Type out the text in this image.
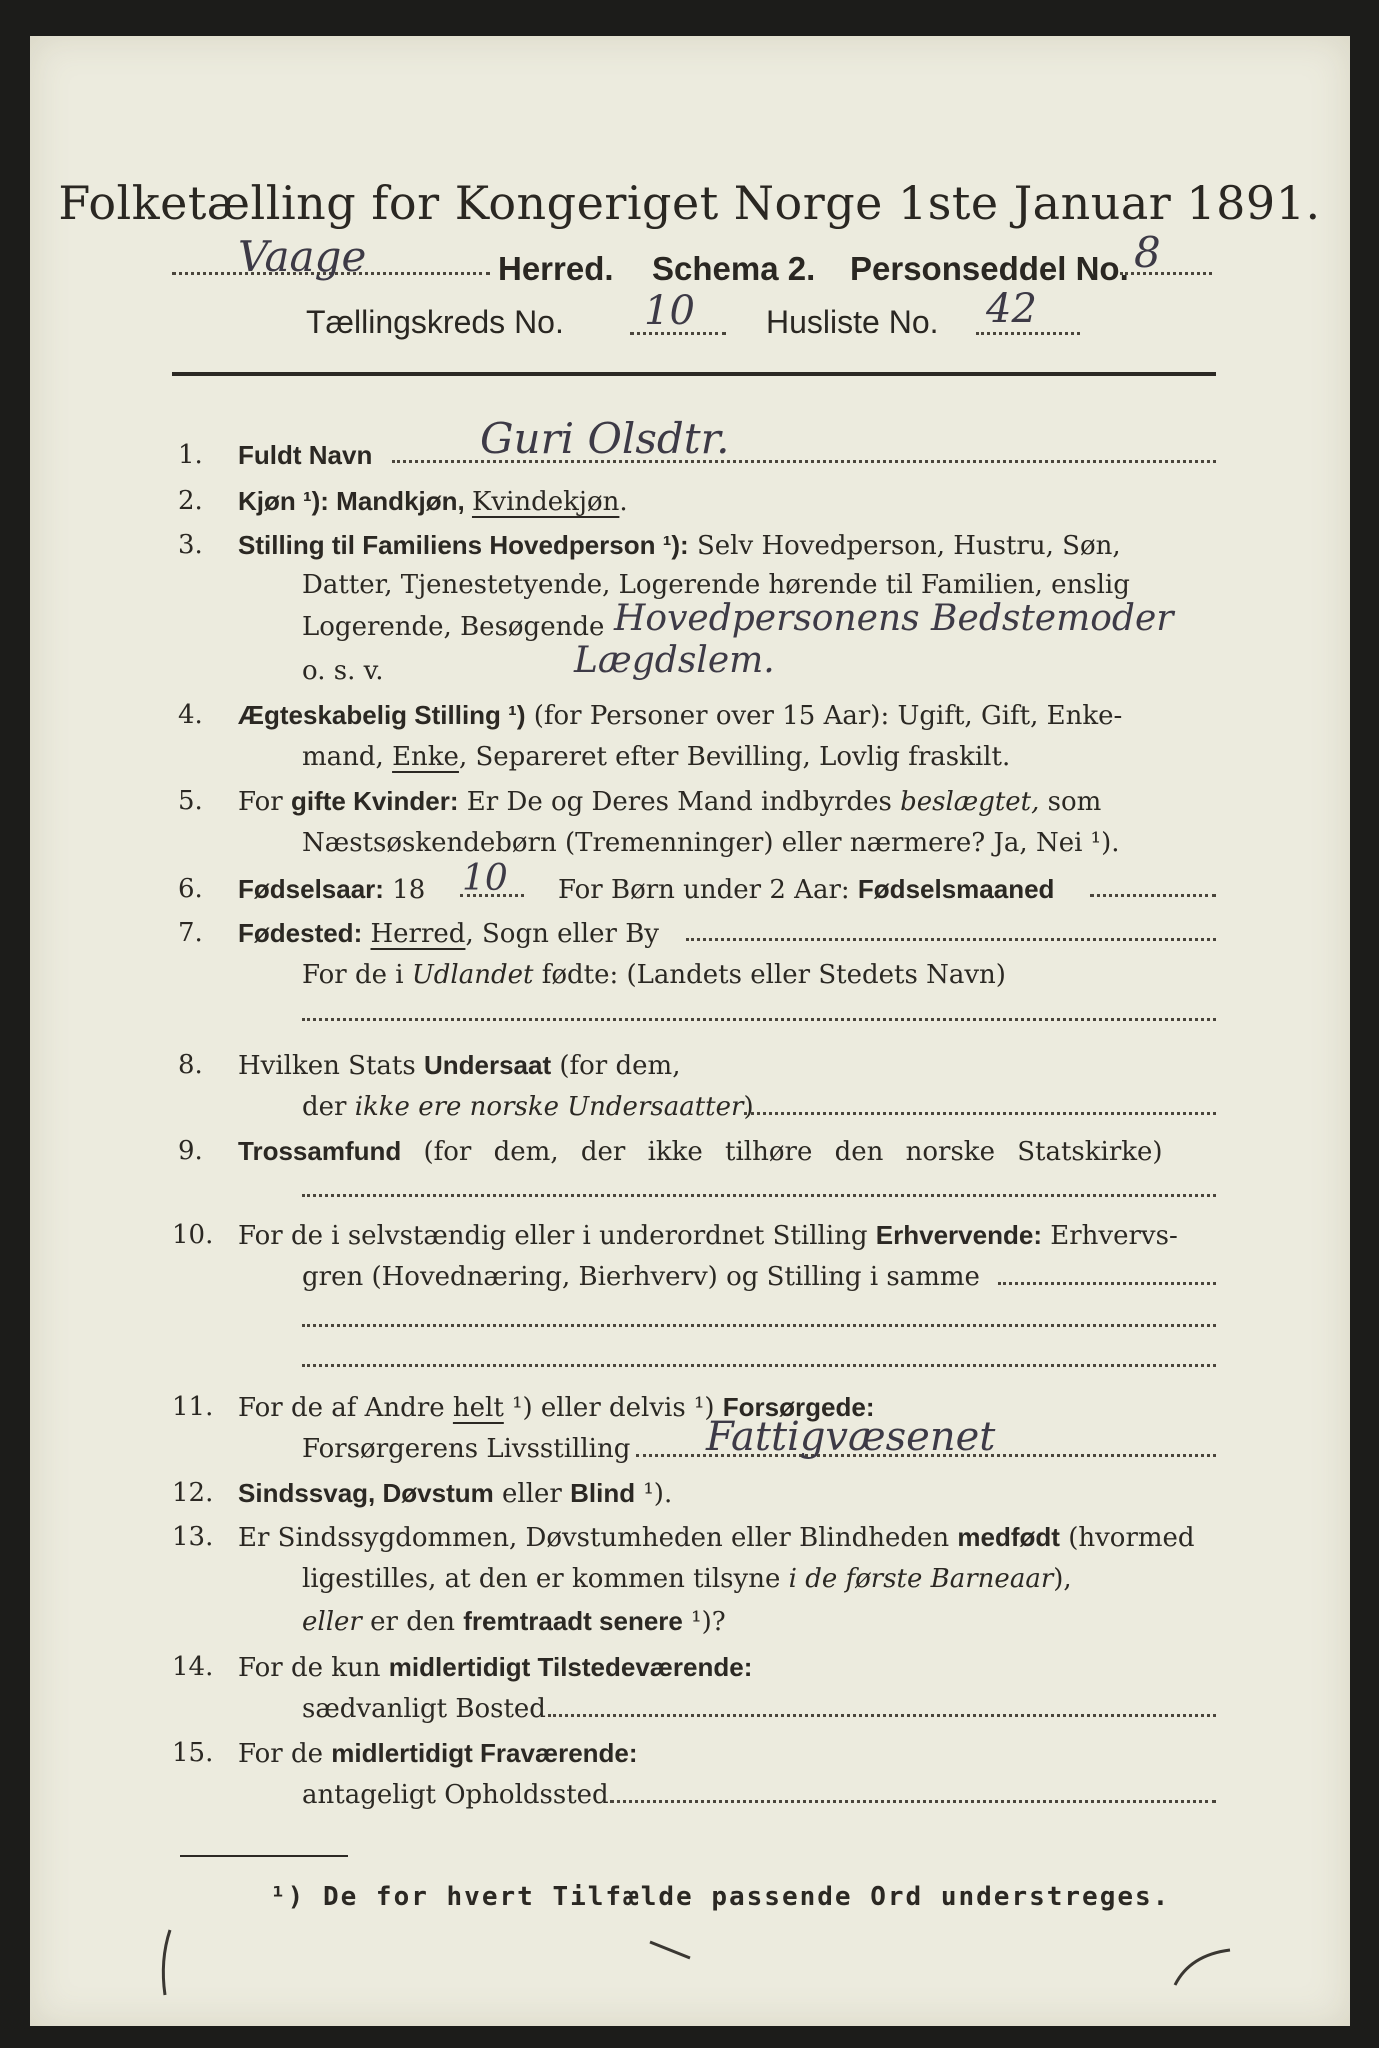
Folketælling for Kongeriget Norge 1ste Januar 1891.
Vaage	Herred. Schema 2. Personseddel No. 8
Tællingskreds No. 10 Husliste No. 42
1. Fuldt Navn	Guri Olsdtr.
2. Kjøn ¹): Mandkjøn, Kvindekjøn.
3. Stilling til Familiens Hovedperson ¹): Selv Hovedperson, Hustru, Søn,
Datter, Tjenestetyende, Logerende hørende til Familien, enslig
Logerende, Besøgende Hovedpersonens Bedstemoder
o. s. v.	Lægdslem.
4. Ægteskabelig Stilling ¹) (for Personer over 15 Aar): Ugift, Gift, Enke-
mand, Enke, Separeret efter Bevilling, Lovlig fraskilt.
5. For gifte Kvinder: Er De og Deres Mand indbyrdes beslægtet, som
Næstsøskendebørn (Tremenninger) eller nærmere? Ja, Nei ¹).
6. Fødselsaar: 18 10 For Børn under 2 Aar: Fødselsmaaned
7. Fødested: Herred, Sogn eller By
For de i Udlandet fødte: (Landets eller Stedets Navn)
8. Hvilken Stats Undersaat (for dem,
der ikke ere norske Undersaatter)
9. Trossamfund (for dem, der ikke tilhøre den norske Statskirke)
10. For de i selvstændig eller i underordnet Stilling Erhvervende: Erhvervs-
gren (Hovednæring, Bierhverv) og Stilling i samme
11. For de af Andre helt ¹) eller delvis ¹) Forsørgede:
Forsørgerens Livsstilling Fattigvæsenet
12. Sindssvag, Døvstum eller Blind ¹).
13. Er Sindssygdommen, Døvstumheden eller Blindheden medfødt (hvormed
ligestilles, at den er kommen tilsyne i de første Barneaar),
eller er den fremtraadt senere ¹)?
14. For de kun midlertidigt Tilstedeværende:
sædvanligt Bosted
15. For de midlertidigt Fraværende:
antageligt Opholdssted
¹) De for hvert Tilfælde passende Ord understreges.
